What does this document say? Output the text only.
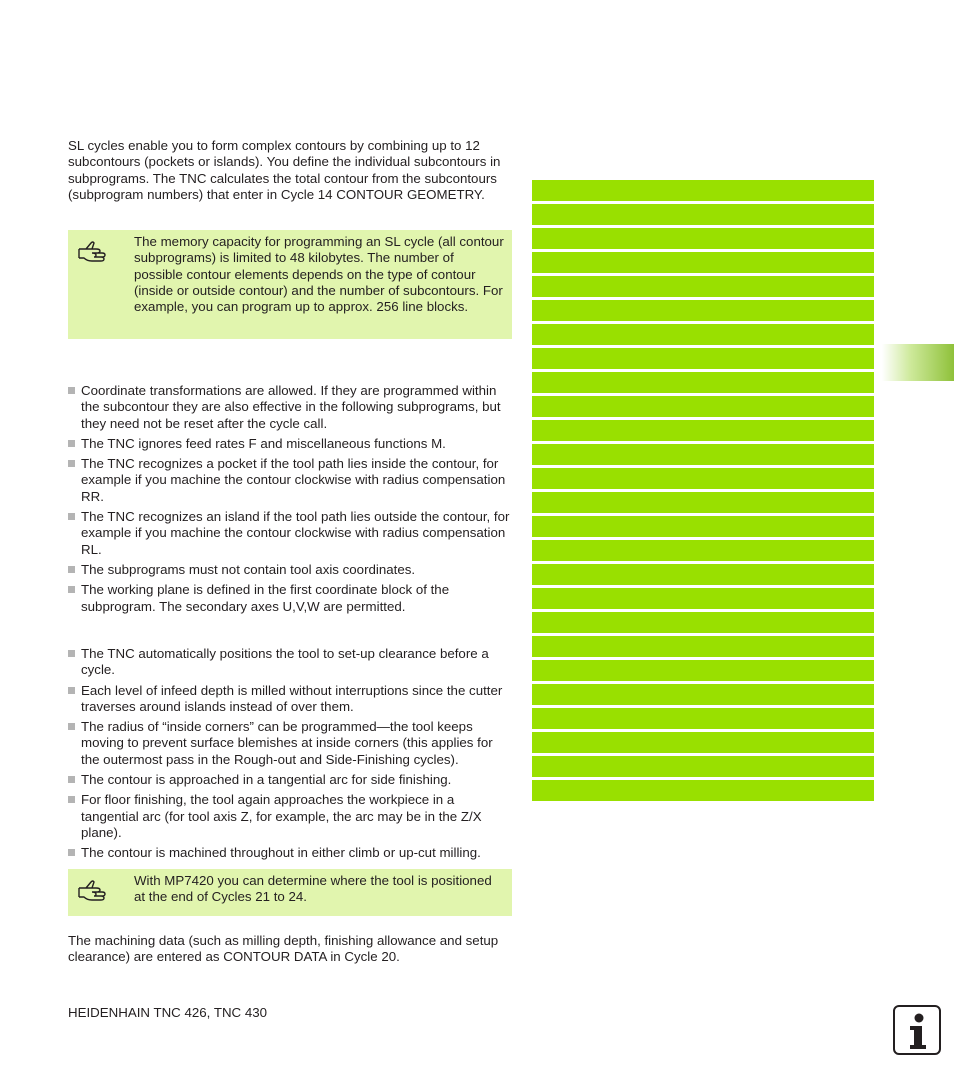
SL cycles enable you to form complex contours by combining up to 12 subcontours (pockets or islands). You define the individual subcontours in subprograms. The TNC calculates the total contour from the subcontours (subprogram numbers) that enter in Cycle 14 CONTOUR GEOMETRY.
The memory capacity for programming an SL cycle (all contour subprograms) is limited to 48 kilobytes. The number of possible contour elements depends on the type of contour (inside or outside contour) and the number of subcontours. For example, you can program up to approx. 256 line blocks.
Coordinate transformations are allowed. If they are programmed within the subcontour they are also effective in the following subprograms, but they need not be reset after the cycle call.
The TNC ignores feed rates F and miscellaneous functions M.
The TNC recognizes a pocket if the tool path lies inside the contour, for example if you machine the contour clockwise with radius compensation RR.
The TNC recognizes an island if the tool path lies outside the contour, for example if you machine the contour clockwise with radius compensation RL.
The subprograms must not contain tool axis coordinates.
The working plane is defined in the first coordinate block of the subprogram. The secondary axes U,V,W are permitted.
The TNC automatically positions the tool to set-up clearance before a cycle.
Each level of infeed depth is milled without interruptions since the cutter traverses around islands instead of over them.
The radius of “inside corners” can be programmed—the tool keeps moving to prevent surface blemishes at inside corners (this applies for the outermost pass in the Rough-out and Side-Finishing cycles).
The contour is approached in a tangential arc for side finishing.
For floor finishing, the tool again approaches the workpiece in a tangential arc (for tool axis Z, for example, the arc may be in the Z/X plane).
The contour is machined throughout in either climb or up-cut milling.
With MP7420 you can determine where the tool is positioned at the end of Cycles 21 to 24.
The machining data (such as milling depth, finishing allowance and setup clearance) are entered as CONTOUR DATA in Cycle 20.
HEIDENHAIN TNC 426, TNC 430
